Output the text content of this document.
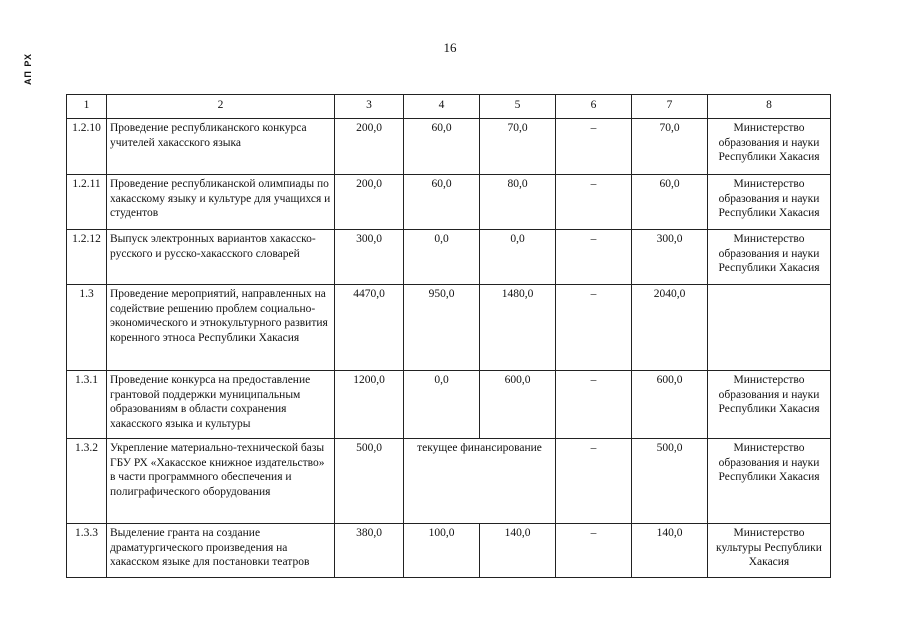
АП РХ
16
1	2	3	4	5	6	7	8
1.2.10	Проведение республиканского конкурса учителей хакасского языка	200,0	60,0	70,0	–	70,0	Министерство образования и науки Республики Хакасия
1.2.11	Проведение республиканской олимпиады по хакасскому языку и культуре для учащихся и студентов	200,0	60,0	80,0	–	60,0	Министерство образования и науки Республики Хакасия
1.2.12	Выпуск электронных вариантов хакасско-русского и русско-хакасского словарей	300,0	0,0	0,0	–	300,0	Министерство образования и науки Республики Хакасия
1.3	Проведение мероприятий, направленных на содействие решению проблем социально-экономического и этнокультурного развития коренного этноса Республики Хакасия	4470,0	950,0	1480,0	–	2040,0	
1.3.1	Проведение конкурса на предоставление грантовой поддержки муниципальным образованиям в области сохранения хакасского языка и культуры	1200,0	0,0	600,0	–	600,0	Министерство образования и науки Республики Хакасия
1.3.2	Укрепление материально-технической базы ГБУ РХ «Хакасское книжное издательство» в части программного обеспечения и полиграфического оборудования	500,0	текущее финансирование		–	500,0	Министерство образования и науки Республики Хакасия
1.3.3	Выделение гранта на создание драматургического произведения на хакасском языке для постановки театров	380,0	100,0	140,0	–	140,0	Министерство культуры Республики Хакасия
